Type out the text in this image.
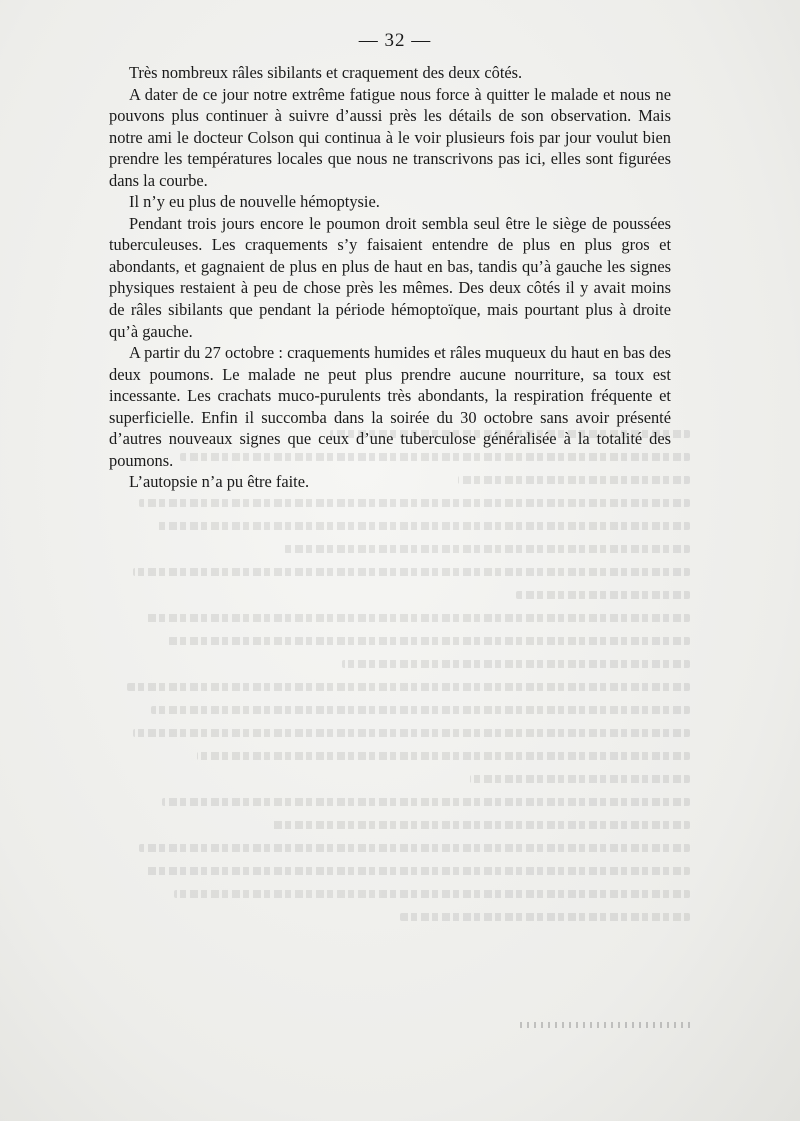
— 32 —

Très nombreux râles sibilants et craquement des deux côtés.

A dater de ce jour notre extrême fatigue nous force à quitter le malade et nous ne pouvons plus continuer à suivre d’aussi près les détails de son observation. Mais notre ami le docteur Colson qui continua à le voir plusieurs fois par jour voulut bien prendre les températures locales que nous ne transcrivons pas ici, elles sont figurées dans la courbe.

Il n’y eu plus de nouvelle hémoptysie.

Pendant trois jours encore le poumon droit sembla seul être le siège de poussées tuberculeuses. Les craquements s’y faisaient entendre de plus en plus gros et abondants, et gagnaient de plus en plus de haut en bas, tandis qu’à gauche les signes physiques restaient à peu de chose près les mêmes. Des deux côtés il y avait moins de râles sibilants que pendant la période hémoptoïque, mais pourtant plus à droite qu’à gauche.

A partir du 27 octobre : craquements humides et râles muqueux du haut en bas des deux poumons. Le malade ne peut plus prendre aucune nourriture, sa toux est incessante. Les crachats muco-purulents très abondants, la respiration fréquente et superficielle. Enfin il succomba dans la soirée du 30 octobre sans avoir présenté d’autres nouveaux signes que ceux d’une tuberculose généralisée à la totalité des poumons.

L’autopsie n’a pu être faite.
